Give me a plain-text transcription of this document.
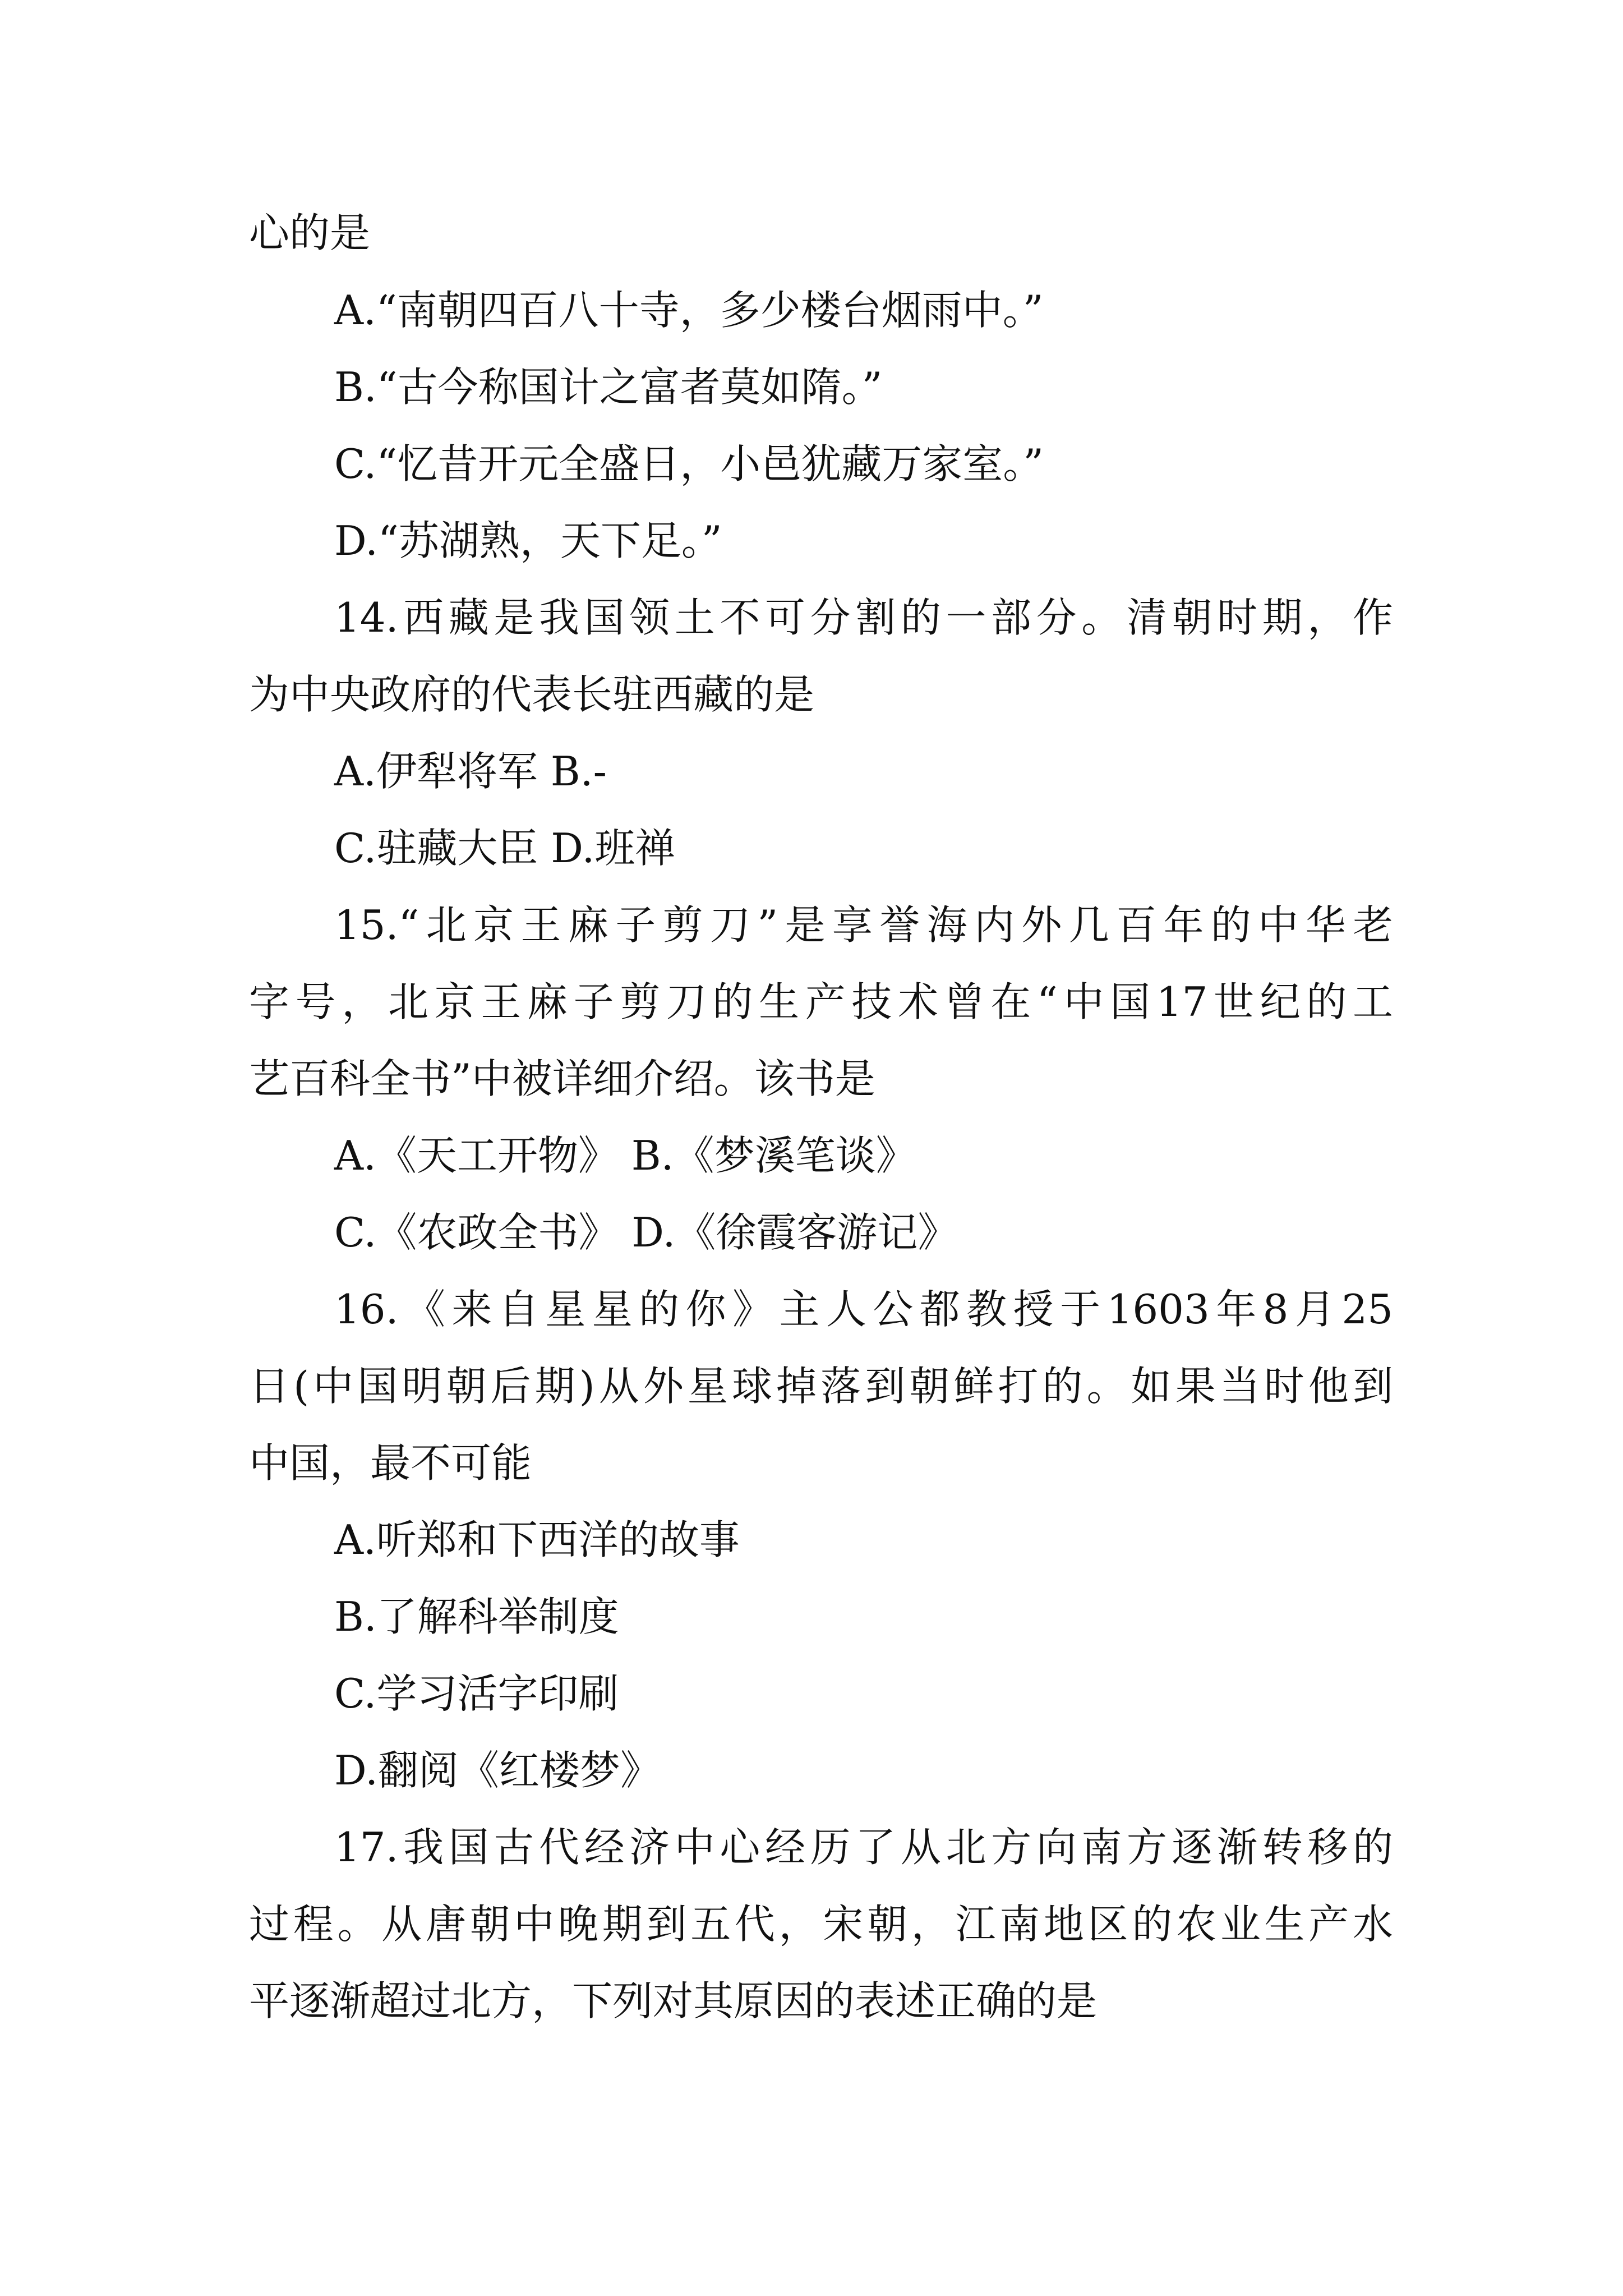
心的是
A.“南朝四百八十寺，多少楼台烟雨中。”
B.“古今称国计之富者莫如隋。”
C.“忆昔开元全盛日，小邑犹藏万家室。”
D.“苏湖熟，天下足。”
14.西藏是我国领土不可分割的一部分。清朝时期，作
为中央政府的代表长驻西藏的是
A.伊犁将军 B.-
C.驻藏大臣 D.班禅
15.“北京王麻子剪刀”是享誉海内外几百年的中华老
字号，北京王麻子剪刀的生产技术曾在“中国17世纪的工
艺百科全书”中被详细介绍。该书是
A.《天工开物》 B.《梦溪笔谈》
C.《农政全书》 D.《徐霞客游记》
16.《来自星星的你》主人公都教授于1603年8月25
日(中国明朝后期)从外星球掉落到朝鲜打的。如果当时他到
中国，最不可能
A.听郑和下西洋的故事
B.了解科举制度
C.学习活字印刷
D.翻阅《红楼梦》
17.我国古代经济中心经历了从北方向南方逐渐转移的
过程。从唐朝中晚期到五代，宋朝，江南地区的农业生产水
平逐渐超过北方，下列对其原因的表述正确的是
